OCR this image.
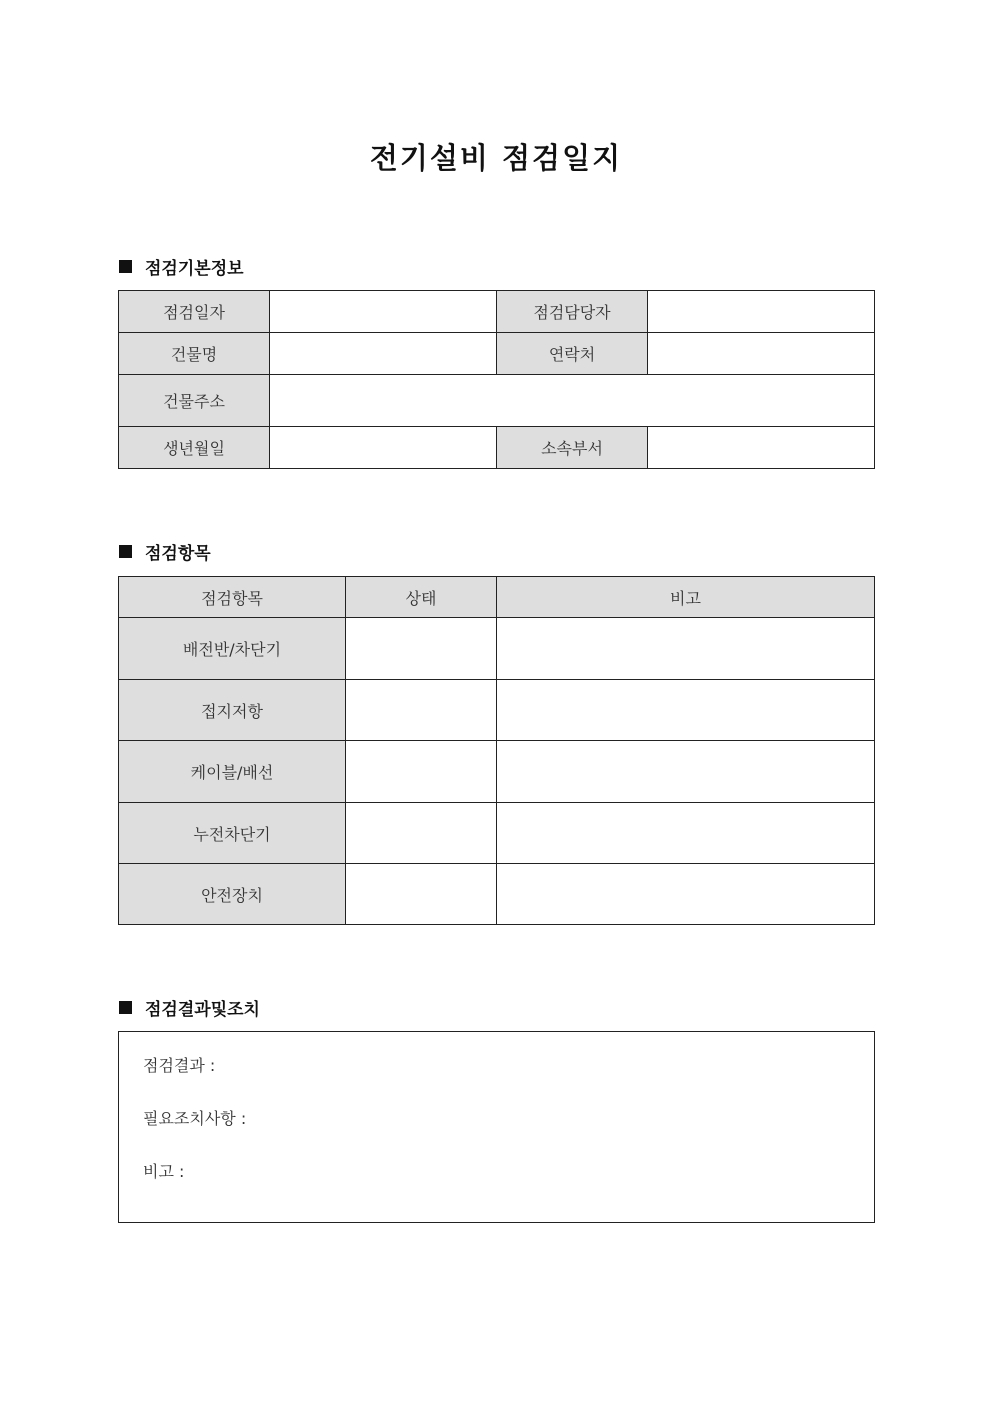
전기설비 점검일지
점검기본정보
점검일자		점검담당자	
건물명		연락처	
건물주소			
생년월일		소속부서	
점검항목
점검항목	상태	비고
배전반/차단기		
접지저항		
케이블/배선		
누전차단기		
안전장치		
점검결과및조치
점검결과 :
필요조치사항 :
비고 :
